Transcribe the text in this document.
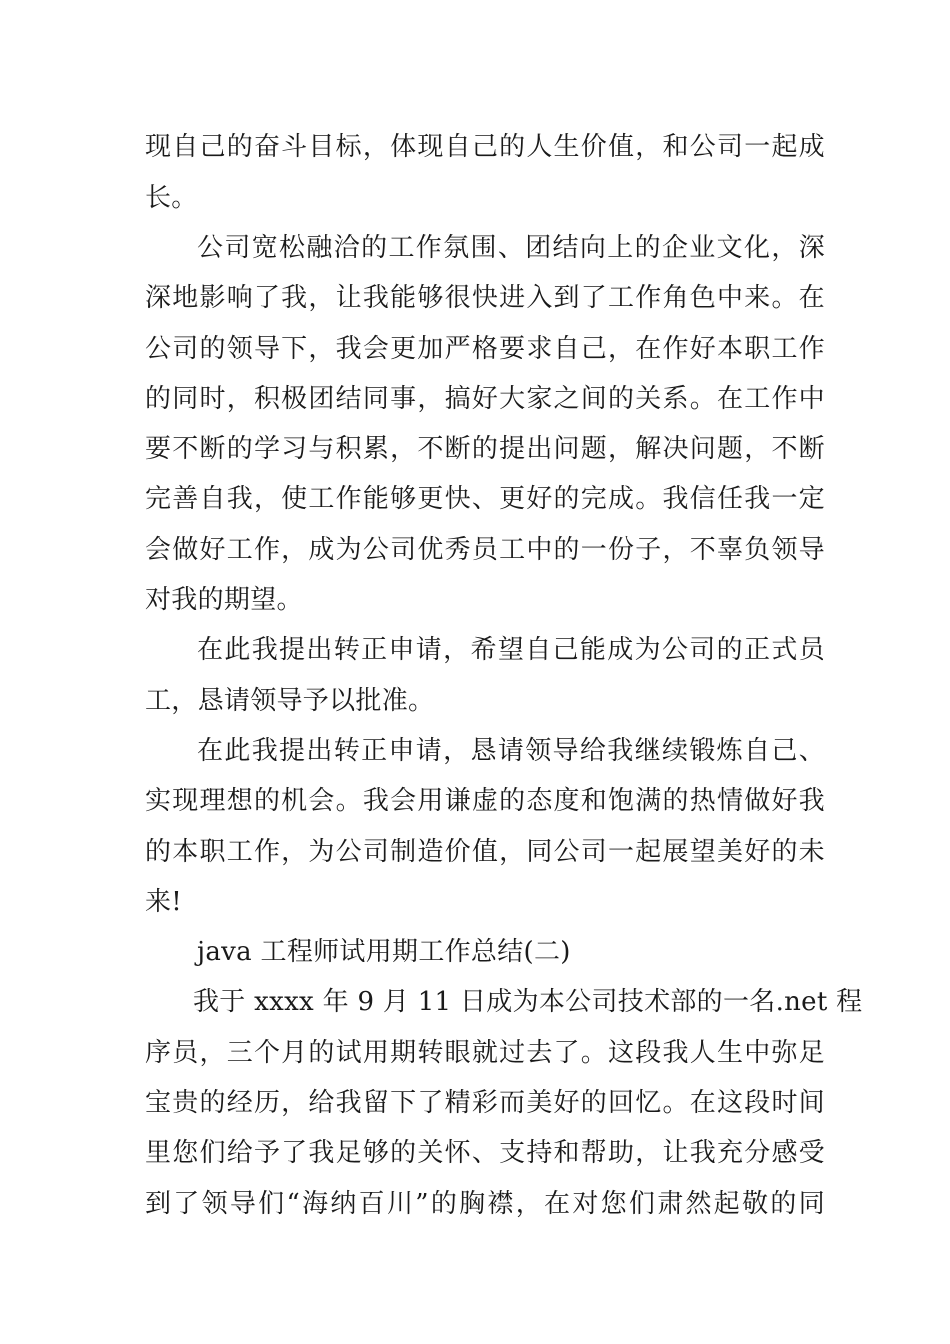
现自己的奋斗目标，体现自己的人生价值，和公司一起成
长。
公司宽松融洽的工作氛围、团结向上的企业文化，深
深地影响了我，让我能够很快进入到了工作角色中来。在
公司的领导下，我会更加严格要求自己，在作好本职工作
的同时，积极团结同事，搞好大家之间的关系。在工作中
要不断的学习与积累，不断的提出问题，解决问题，不断
完善自我，使工作能够更快、更好的完成。我信任我一定
会做好工作，成为公司优秀员工中的一份子，不辜负领导
对我的期望。
在此我提出转正申请，希望自己能成为公司的正式员
工，恳请领导予以批准。
在此我提出转正申请，恳请领导给我继续锻炼自己、
实现理想的机会。我会用谦虚的态度和饱满的热情做好我
的本职工作，为公司制造价值，同公司一起展望美好的未
来!
java 工程师试用期工作总结(二)
我于 xxxx 年 9 月 11 日成为本公司技术部的一名.net 程
序员，三个月的试用期转眼就过去了。这段我人生中弥足
宝贵的经历，给我留下了精彩而美好的回忆。在这段时间
里您们给予了我足够的关怀、支持和帮助，让我充分感受
到了领导们“海纳百川”的胸襟，在对您们肃然起敬的同
